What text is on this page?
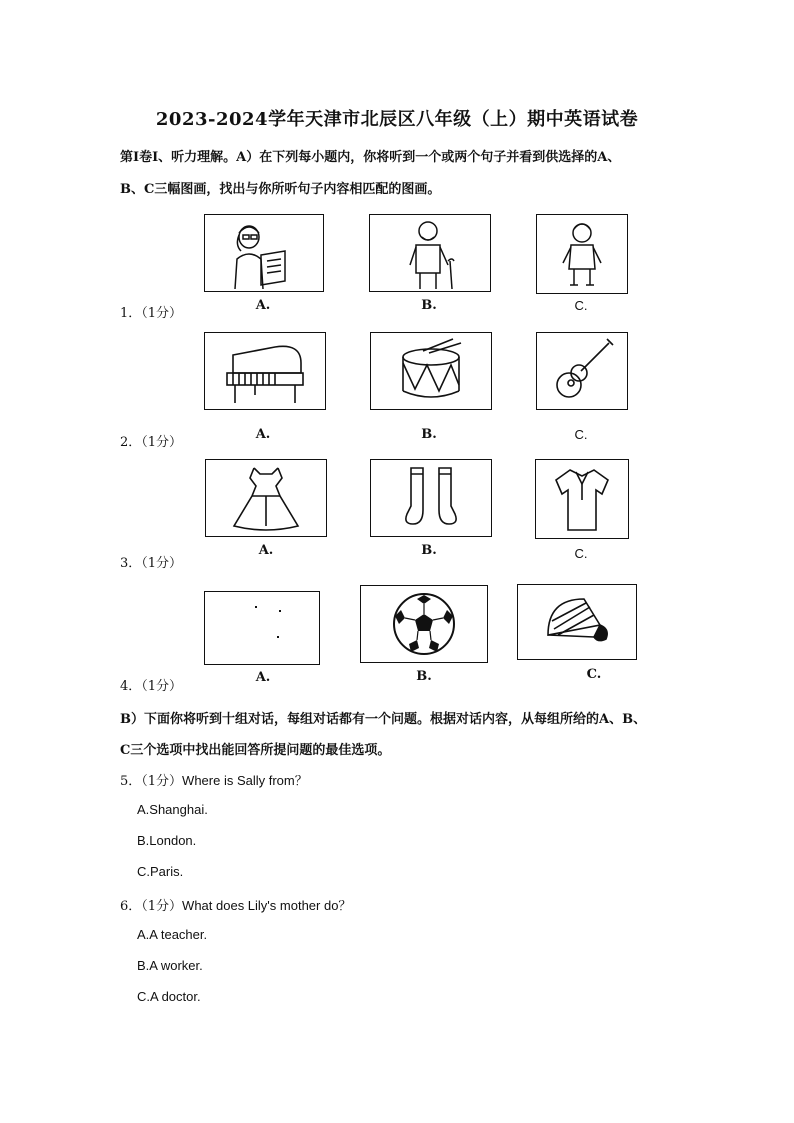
2023-2024学年天津市北辰区八年级（上）期中英语试卷
第Ⅰ卷Ⅰ、听力理解。A）在下列每小题内，你将听到一个或两个句子并看到供选择的A、
B、C三幅图画，找出与你所听句子内容相匹配的图画。
1．（1分）
A.	B.	C.
2．（1分）
A.	B.	C.
3．（1分）
A.	B.	C.
4．（1分）
A.	B.	C.
B）下面你将听到十组对话，每组对话都有一个问题。根据对话内容，从每组所给的A、B、
C三个选项中找出能回答所提问题的最佳选项。
5．（1分）Where is Sally from？
A.Shanghai.
B.London.
C.Paris.
6．（1分）What does Lily's mother do？
A.A teacher.
B.A worker.
C.A doctor.
